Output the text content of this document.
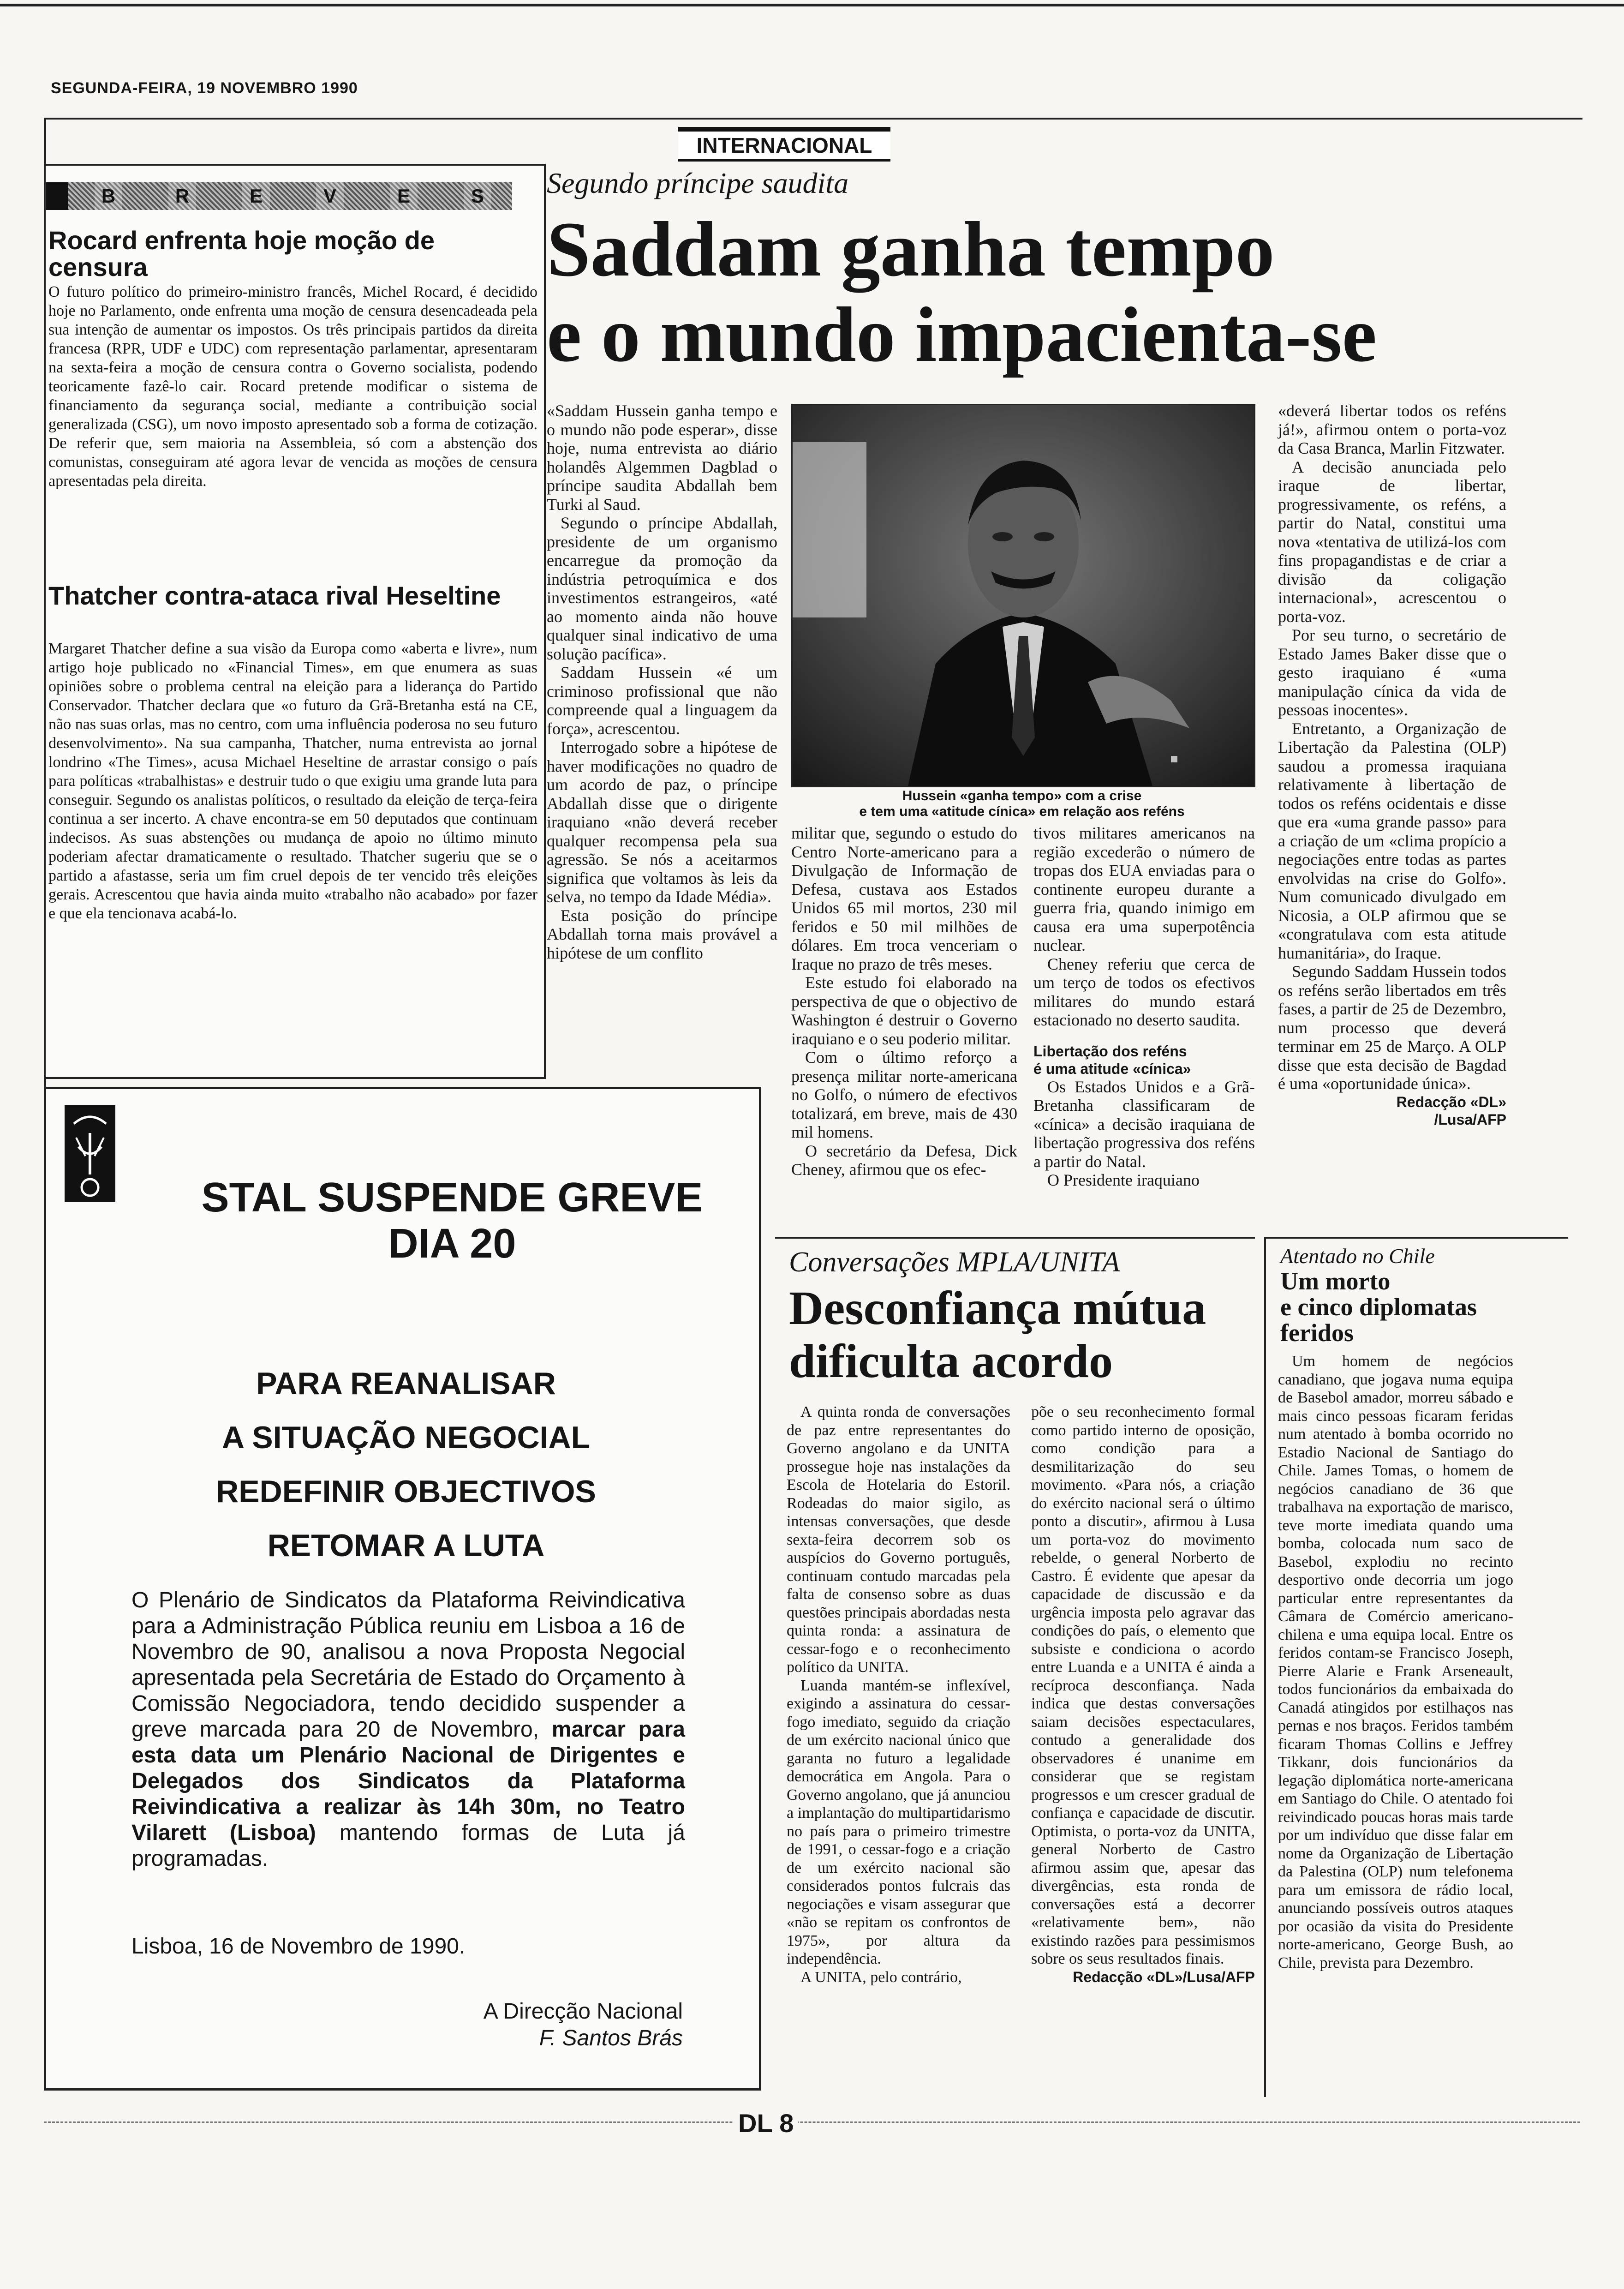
SEGUNDA-FEIRA, 19 NOVEMBRO 1990
INTERNACIONAL
B	R	E	V	E	S
Rocard enfrenta hoje moção de censura
O futuro político do primeiro-ministro francês, Michel Rocard, é decidido hoje no Parlamento, onde enfrenta uma moção de censura desencadeada pela sua intenção de aumentar os impostos. Os três principais partidos da direita francesa (RPR, UDF e UDC) com representação parlamentar, apresentaram na sexta-feira a moção de censura contra o Governo socialista, podendo teoricamente fazê-lo cair. Rocard pretende modificar o sistema de financiamento da segurança social, mediante a contribuição social generalizada (CSG), um novo imposto apresentado sob a forma de cotização. De referir que, sem maioria na Assembleia, só com a abstenção dos comunistas, conseguiram até agora levar de vencida as moções de censura apresentadas pela direita.
Thatcher contra-ataca rival Heseltine
Margaret Thatcher define a sua visão da Europa como «aberta e livre», num artigo hoje publicado no «Financial Times», em que enumera as suas opiniões sobre o problema central na eleição para a liderança do Partido Conservador. Thatcher declara que «o futuro da Grã-Bretanha está na CE, não nas suas orlas, mas no centro, com uma influência poderosa no seu futuro desenvolvimento». Na sua campanha, Thatcher, numa entrevista ao jornal londrino «The Times», acusa Michael Heseltine de arrastar consigo o país para políticas «trabalhistas» e destruir tudo o que exigiu uma grande luta para conseguir. Segundo os analistas políticos, o resultado da eleição de terça-feira continua a ser incerto. A chave encontra-se em 50 deputados que continuam indecisos. As suas abstenções ou mudança de apoio no último minuto poderiam afectar dramaticamente o resultado. Thatcher sugeriu que se o partido a afastasse, seria um fim cruel depois de ter vencido três eleições gerais. Acrescentou que havia ainda muito «trabalho não acabado» por fazer e que ela tencionava acabá-lo.
Segundo príncipe saudita
Saddam ganha tempo
e o mundo impacienta-se

«Saddam Hussein ganha tempo e o mundo não pode esperar», disse hoje, numa entrevista ao diário holandês Algemmen Dagblad o príncipe saudita Abdallah bem Turki al Saud.

Segundo o príncipe Abdallah, presidente de um organismo encarregue da promoção da indústria petroquímica e dos investimentos estrangeiros, «até ao momento ainda não houve qualquer sinal indicativo de uma solução pacífica».

Saddam Hussein «é um criminoso profissional que não compreende qual a linguagem da força», acrescentou.

Interrogado sobre a hipótese de haver modificações no quadro de um acordo de paz, o príncipe Abdallah disse que o dirigente iraquiano «não deverá receber qualquer recompensa pela sua agressão. Se nós a aceitarmos significa que voltamos às leis da selva, no tempo da Idade Média».

Esta posição do príncipe Abdallah torna mais provável a hipótese de um conflito

Hussein «ganha tempo» com a crise
e tem uma «atitude cínica» em relação aos reféns

militar que, segundo o estudo do Centro Norte-americano para a Divulgação de Informação de Defesa, custava aos Estados Unidos 65 mil mortos, 230 mil feridos e 50 mil milhões de dólares. Em troca venceriam o Iraque no prazo de três meses.

Este estudo foi elaborado na perspectiva de que o objectivo de Washington é destruir o Governo iraquiano e o seu poderio militar.

Com o último reforço a presença militar norte-americana no Golfo, o número de efectivos totalizará, em breve, mais de 430 mil homens.

O secretário da Defesa, Dick Cheney, afirmou que os efec-

tivos militares americanos na região excederão o número de tropas dos EUA enviadas para o continente europeu durante a guerra fria, quando inimigo em causa era uma superpotência nuclear.

Cheney referiu que cerca de um terço de todos os efectivos militares do mundo estará estacionado no deserto saudita.

Libertação dos reféns
é uma atitude «cínica»

Os Estados Unidos e a Grã-Bretanha classificaram de «cínica» a decisão iraquiana de libertação progressiva dos reféns a partir do Natal.

O Presidente iraquiano

«deverá libertar todos os reféns já!», afirmou ontem o porta-voz da Casa Branca, Marlin Fitzwater.

A decisão anunciada pelo iraque de libertar, progressivamente, os reféns, a partir do Natal, constitui uma nova «tentativa de utilizá-los com fins propagandistas e de criar a divisão da coligação internacional», acrescentou o porta-voz.

Por seu turno, o secretário de Estado James Baker disse que o gesto iraquiano é «uma manipulação cínica da vida de pessoas inocentes».

Entretanto, a Organização de Libertação da Palestina (OLP) saudou a promessa iraquiana relativamente à libertação de todos os reféns ocidentais e disse que era «uma grande passo» para a criação de um «clima propício a negociações entre todas as partes envolvidas na crise do Golfo». Num comunicado divulgado em Nicosia, a OLP afirmou que se «congratulava com esta atitude humanitária», do Iraque.

Segundo Saddam Hussein todos os reféns serão libertados em três fases, a partir de 25 de Dezembro, num processo que deverá terminar em 25 de Março. A OLP disse que esta decisão de Bagdad é uma «oportunidade única».

Redacção «DL»
/Lusa/AFP
STAL SUSPENDE GREVE
DIA 20
PARA REANALISAR
A SITUAÇÃO NEGOCIAL
REDEFINIR OBJECTIVOS
RETOMAR A LUTA
O Plenário de Sindicatos da Plataforma Reivindicativa para a Administração Pública reuniu em Lisboa a 16 de Novembro de 90, analisou a nova Proposta Negocial apresentada pela Secretária de Estado do Orçamento à Comissão Negociadora, tendo decidido suspender a greve marcada para 20 de Novembro, marcar para esta data um Plenário Nacional de Dirigentes e Delegados dos Sindicatos da Plataforma Reivindicativa a realizar às 14h 30m, no Teatro Vilarett (Lisboa) mantendo formas de Luta já programadas.
Lisboa, 16 de Novembro de 1990.
A Direcção Nacional
F. Santos Brás
Conversações MPLA/UNITA
Desconfiança mútua
dificulta acordo

A quinta ronda de conversações de paz entre representantes do Governo angolano e da UNITA prossegue hoje nas instalações da Escola de Hotelaria do Estoril. Rodeadas do maior sigilo, as intensas conversações, que desde sexta-feira decorrem sob os auspícios do Governo português, continuam contudo marcadas pela falta de consenso sobre as duas questões principais abordadas nesta quinta ronda: a assinatura de cessar-fogo e o reconhecimento político da UNITA.

Luanda mantém-se inflexível, exigindo a assinatura do cessar-fogo imediato, seguido da criação de um exército nacional único que garanta no futuro a legalidade democrática em Angola. Para o Governo angolano, que já anunciou a implantação do multipartidarismo no país para o primeiro trimestre de 1991, o cessar-fogo e a criação de um exército nacional são considerados pontos fulcrais das negociações e visam assegurar que «não se repitam os confrontos de 1975», por altura da independência.

A UNITA, pelo contrário,

põe o seu reconhecimento formal como partido interno de oposição, como condição para a desmilitarização do seu movimento. «Para nós, a criação do exército nacional será o último ponto a discutir», afirmou à Lusa um porta-voz do movimento rebelde, o general Norberto de Castro. É evidente que apesar da capacidade de discussão e da urgência imposta pelo agravar das condições do país, o elemento que subsiste e condiciona o acordo entre Luanda e a UNITA é ainda a recíproca desconfiança. Nada indica que destas conversações saiam decisões espectaculares, contudo a generalidade dos observadores é unanime em considerar que se registam progressos e um crescer gradual de confiança e capacidade de discutir. Optimista, o porta-voz da UNITA, general Norberto de Castro afirmou assim que, apesar das divergências, esta ronda de conversações está a decorrer «relativamente bem», não existindo razões para pessimismos sobre os seus resultados finais.

Redacção «DL»/Lusa/AFP
Atentado no Chile
Um morto
e cinco diplomatas
feridos

Um homem de negócios canadiano, que jogava numa equipa de Basebol amador, morreu sábado e mais cinco pessoas ficaram feridas num atentado à bomba ocorrido no Estadio Nacional de Santiago do Chile. James Tomas, o homem de negócios canadiano de 36 que trabalhava na exportação de marisco, teve morte imediata quando uma bomba, colocada num saco de Basebol, explodiu no recinto desportivo onde decorria um jogo particular entre representantes da Câmara de Comércio americano-chilena e uma equipa local. Entre os feridos contam-se Francisco Joseph, Pierre Alarie e Frank Arseneault, todos funcionários da embaixada do Canadá atingidos por estilhaços nas pernas e nos braços. Feridos também ficaram Thomas Collins e Jeffrey Tikkanr, dois funcionários da legação diplomática norte-americana em Santiago do Chile. O atentado foi reivindicado poucas horas mais tarde por um indivíduo que disse falar em nome da Organização de Libertação da Palestina (OLP) num telefonema para um emissora de rádio local, anunciando possíveis outros ataques por ocasião da visita do Presidente norte-americano, George Bush, ao Chile, prevista para Dezembro.

DL 8
